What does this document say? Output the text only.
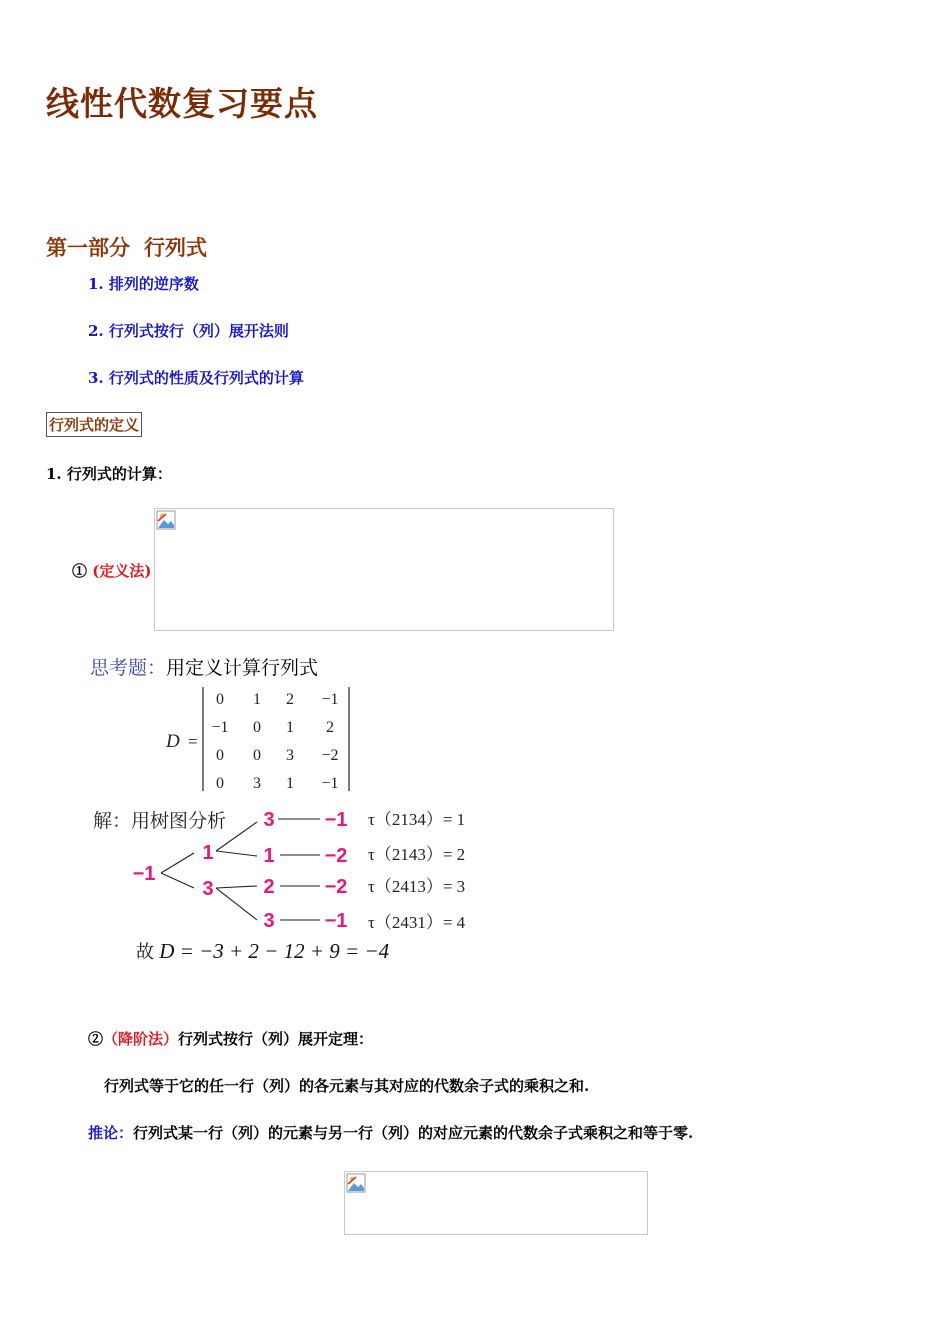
线性代数复习要点
第一部分 行列式
1. 排列的逆序数
2. 行列式按行（列）展开法则
3. 行列式的性质及行列式的计算
行列式的定义
1. 行列式的计算：
① (定义法)
思考题：用定义计算行列式
D =
0 1 2 −1
−1 0 1 2
0 0 3 −2
0 3 1 −1
解：用树图分析
−1
1
3
3
1
2
3
−1
−2
−2
−1
τ（2134）= 1
τ（2143）= 2
τ（2413）= 3
τ（2431）= 4
故 D = −3 + 2 − 12 + 9 = −4
②（降阶法）行列式按行（列）展开定理：
行列式等于它的任一行（列）的各元素与其对应的代数余子式的乘积之和.
推论：行列式某一行（列）的元素与另一行（列）的对应元素的代数余子式乘积之和等于零.
